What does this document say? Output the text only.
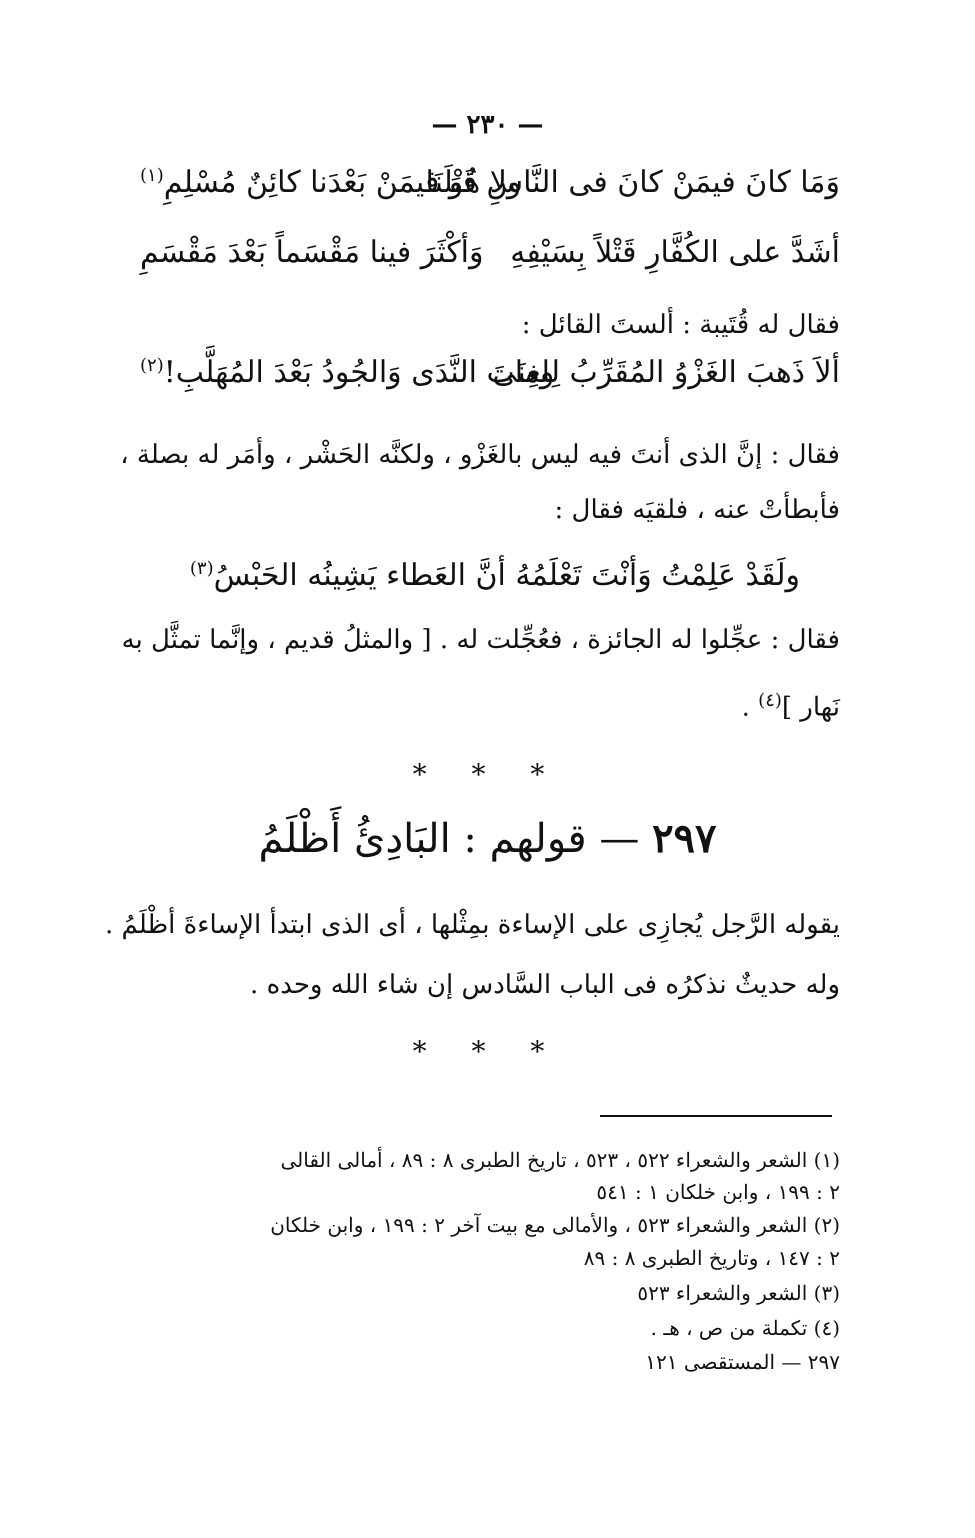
— ٢٣٠ —
وَمَا كانَ فيمَنْ كانَ فى النَّاسِ قَبْلَنَا
ولا هُوَ فيمَنْ بَعْدَنا كائِنٌ مُسْلِمِ$^{(١)}$
أشَدَّ على الكُفَّارِ قَتْلاً بِسَيْفِهِ
وَأكْثَرَ فينا مَقْسَماً بَعْدَ مَقْسَمِ
فقال له قُتَيبة : ألستَ القائل :
ألاَ ذَهبَ الغَزْوُ المُقَرِّبُ لِلغِنَى
وماتَ النَّدَى وَالجُودُ بَعْدَ المُهَلَّبِ!$^{(٢)}$
فقال : إنَّ الذى أنتَ فيه ليس بالغَزْو ، ولكنَّه الحَشْر ، وأمَر له بصلة ،
فأبطأتْ عنه ، فلقيَه فقال :
ولَقَدْ عَلِمْتُ وَأنْتَ تَعْلَمُهُ أنَّ العَطاء يَشِينُه الحَبْسُ$^{(٣)}$
فقال : عجِّلوا له الجائزة ، فعُجِّلت له . [ والمثلُ قديم ، وإنَّما تمثَّل به
نَهار ]$^{(٤)}$ .
* * *
٢٩٧ — قولهم : البَادِئُ أَظْلَمُ
يقوله الرَّجل يُجازِى على الإساءة بمِثْلها ، أى الذى ابتدأ الإساءةَ أظْلَمُ .
وله حديثٌ نذكرُه فى الباب السَّادس إن شاء الله وحده .
* * *
(١) الشعر والشعراء ٥٢٢ ، ٥٢٣ ، تاريخ الطبرى ٨ : ٨٩ ، أمالى القالى
٢ : ١٩٩ ، وابن خلكان ١ : ٥٤١
(٢) الشعر والشعراء ٥٢٣ ، والأمالى مع بيت آخر ٢ : ١٩٩ ، وابن خلكان
٢ : ١٤٧ ، وتاريخ الطبرى ٨ : ٨٩
(٣) الشعر والشعراء ٥٢٣
(٤) تكملة من ص ، هـ .
٢٩٧ — المستقصى ١٢١
